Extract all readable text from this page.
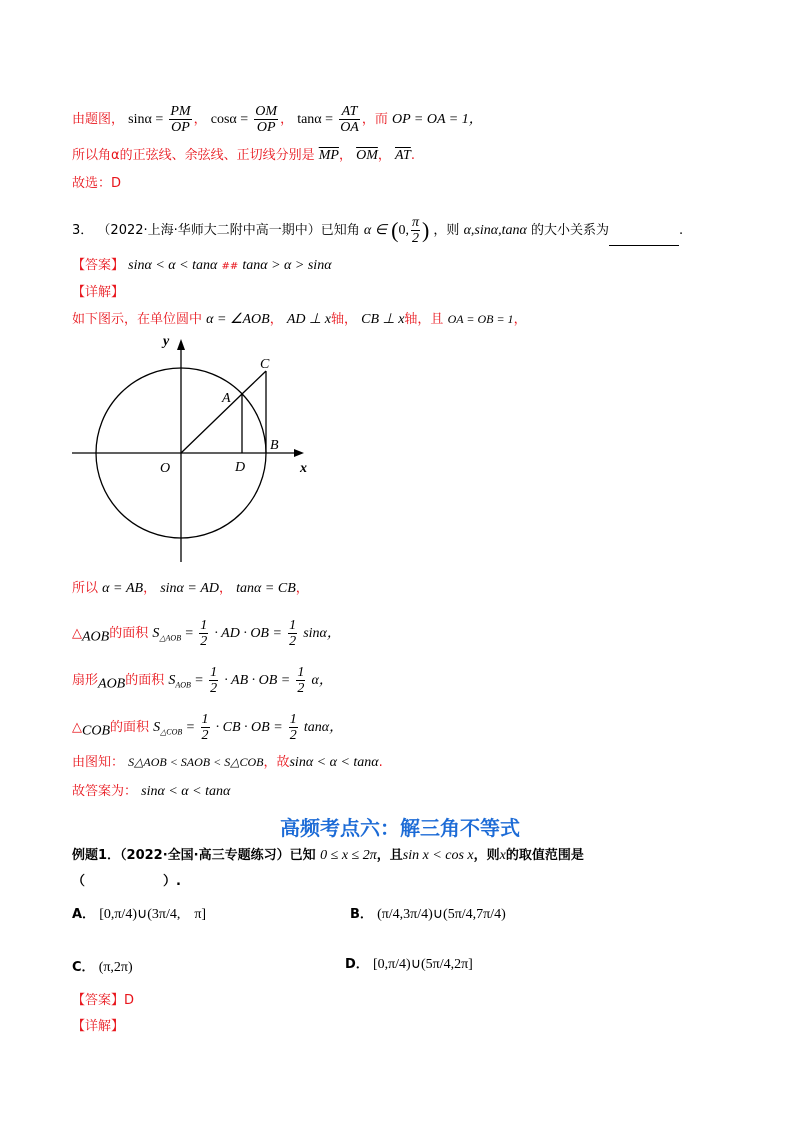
由题图， $\sin\alpha = \frac{PM}{OP}$ ， $\cos\alpha = \frac{OM}{OP}$ ， $\tan\alpha = \frac{AT}{OA}$ ，而 OP = OA = 1，
所以角α的正弦线、余弦线、正切线分别是 $\overline{MP}$， $\overline{OM}$， $\overline{AT}$.
故选：D
3． （2022·上海·华师大二附中高一期中）已知角 α ∈ (0, $\frac{\pi}{2}$ ) ，则 α,sinα,tanα 的大小关系为	.
【答案】 sinα < α < tanα ## tanα > α > sinα
【详解】
如下图示，在单位圆中 α = ∠AOB， AD ⊥ x轴， CB ⊥ x轴，且 OA = OB = 1，
y
x
O
A
B
C
D
所以 α = AB， sinα = AD， tanα = CB，
$\triangle_{AOB}$的面积 $S_{\triangle AOB} = \frac{1}{2}$ · AD · OB = $\frac{1}{2}$ sinα，
扇形$_{AOB}$的面积 $S_{AOB} = \frac{1}{2}$ · AB · OB = $\frac{1}{2}$ α，
$\triangle_{COB}$的面积 $S_{\triangle COB} = \frac{1}{2}$ · CB · OB = $\frac{1}{2}$ tanα，
由图知： S△AOB < SAOB < S△COB，故sinα < α < tanα.
故答案为： sinα < α < tanα
高频考点六：解三角不等式
例题1．（2022·全国·高三专题练习）已知 0 ≤ x ≤ 2π，且sin x < cos x，则x的取值范围是
（　　　　　　）.
A． [0,π/4)∪(3π/4,　π]	B． (π/4,3π/4)∪(5π/4,7π/4)
C． (π,2π)	D． [0,π/4)∪(5π/4,2π]
【答案】D
【详解】
